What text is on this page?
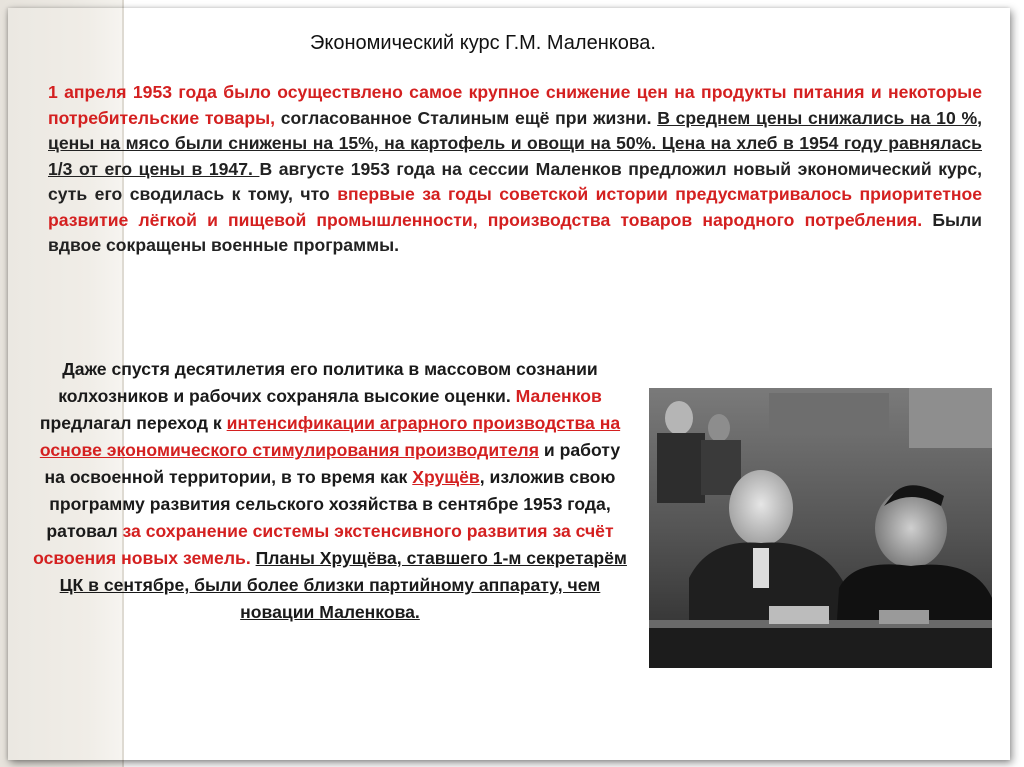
Экономический курс Г.М. Маленкова.

1 апреля 1953 года было осуществлено самое крупное снижение цен на продукты питания и некоторые потребительские товары, согласованное Сталиным ещё при жизни. В среднем цены снижались на 10 %, цены на мясо были снижены на 15%, на картофель и овощи на 50%. Цена на хлеб в 1954 году равнялась 1/3 от его цены в 1947. В августе 1953 года на сессии Маленков предложил новый экономический курс, суть его сводилась к тому, что впервые за годы советской истории предусматривалось приоритетное развитие лёгкой и пищевой промышленности, производства товаров народного потребления. Были вдвое сокращены военные программы.

Даже спустя десятилетия его политика в массовом сознании колхозников и рабочих сохраняла высокие оценки. Маленков предлагал переход к интенсификации аграрного производства на основе экономического стимулирования производителя и работу на освоенной территории, в то время как Хрущёв, изложив свою программу развития сельского хозяйства в сентябре 1953 года, ратовал за сохранение системы экстенсивного развития за счёт освоения новых земель. Планы Хрущёва, ставшего 1-м секретарём ЦК в сентябре, были более близки партийному аппарату, чем новации Маленкова.
